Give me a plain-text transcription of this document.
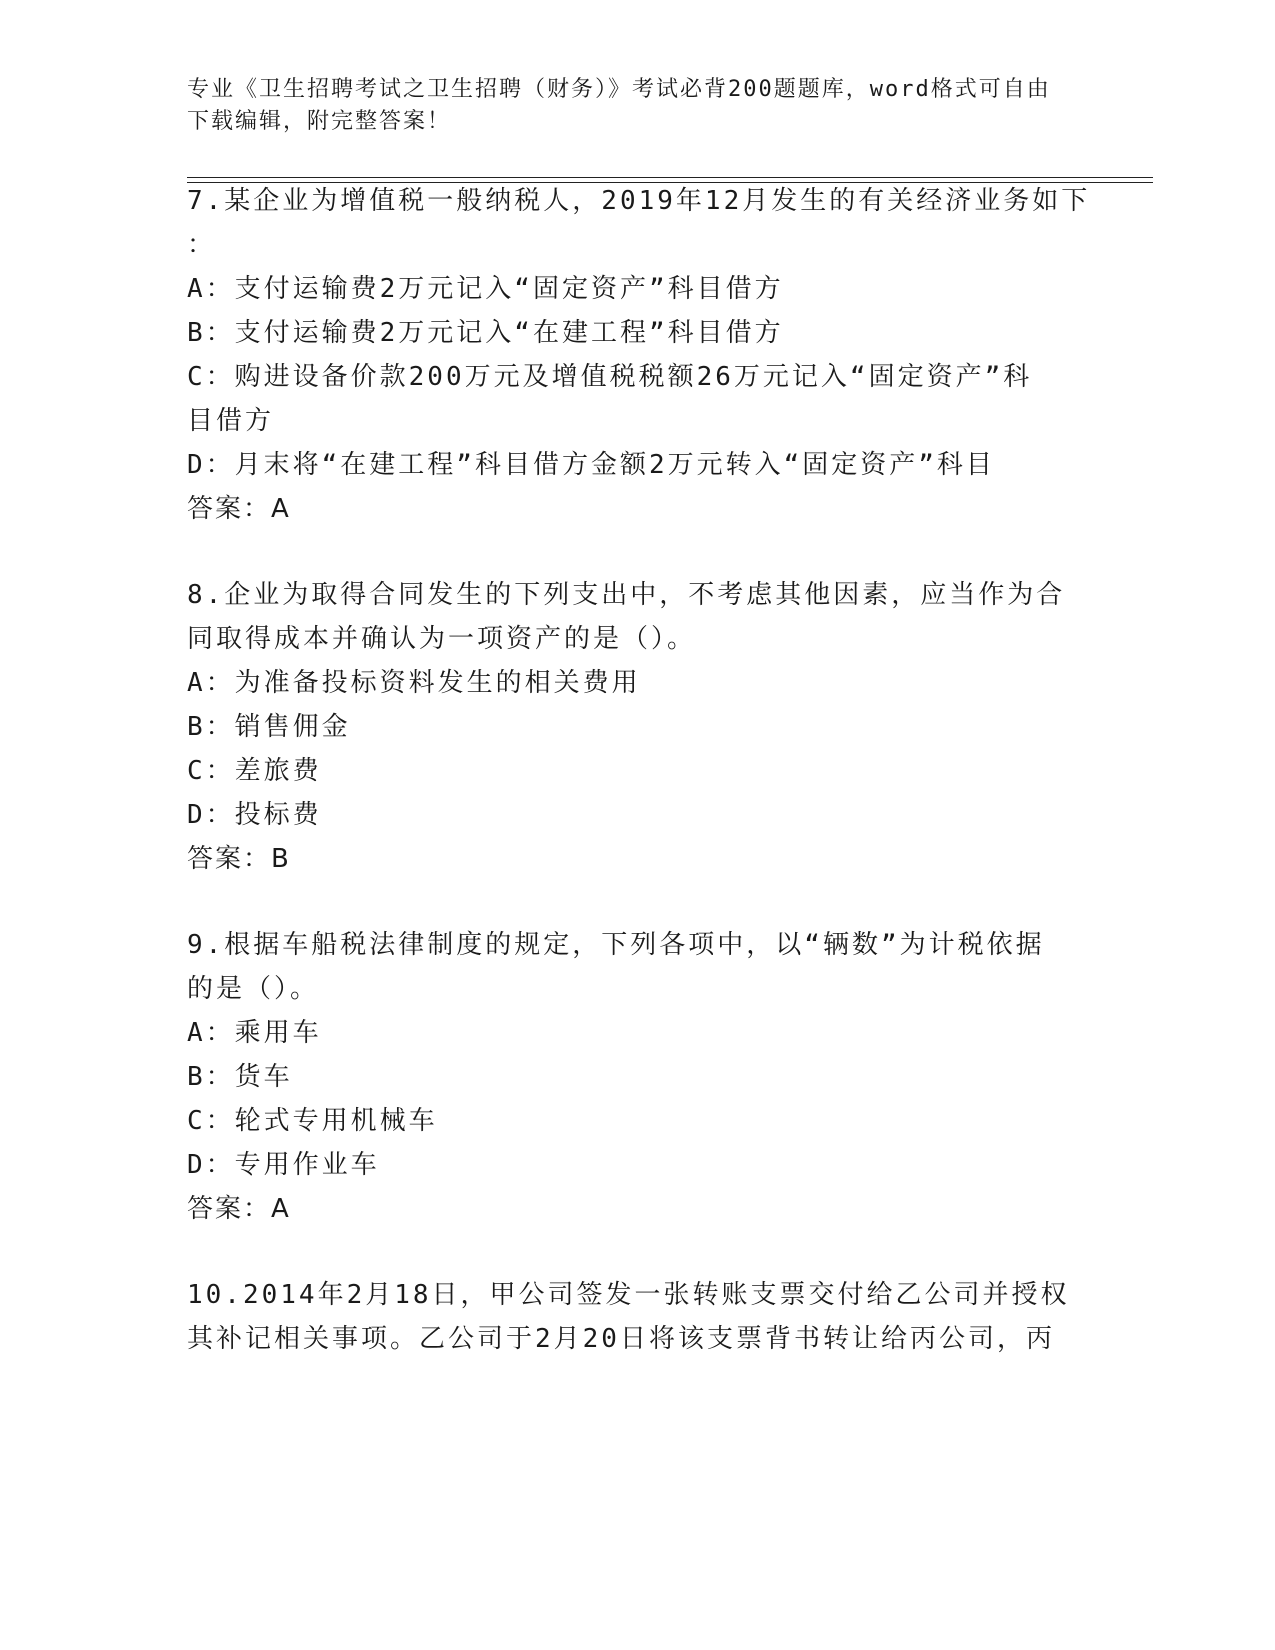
专业《卫生招聘考试之卫生招聘（财务）》考试必背200题题库，word格式可自由下载编辑，附完整答案！
7.某企业为增值税一般纳税人，2019年12月发生的有关经济业务如下
：
A：支付运输费2万元记入“固定资产”科目借方
B：支付运输费2万元记入“在建工程”科目借方
C：购进设备价款200万元及增值税税额26万元记入“固定资产”科
目借方
D：月末将“在建工程”科目借方金额2万元转入“固定资产”科目
答案：A
8.企业为取得合同发生的下列支出中，不考虑其他因素，应当作为合
同取得成本并确认为一项资产的是（）。
A：为准备投标资料发生的相关费用
B：销售佣金
C：差旅费
D：投标费
答案：B
9.根据车船税法律制度的规定，下列各项中，以“辆数”为计税依据
的是（）。
A：乘用车
B：货车
C：轮式专用机械车
D：专用作业车
答案：A
10.2014年2月18日，甲公司签发一张转账支票交付给乙公司并授权
其补记相关事项。乙公司于2月20日将该支票背书转让给丙公司，丙
